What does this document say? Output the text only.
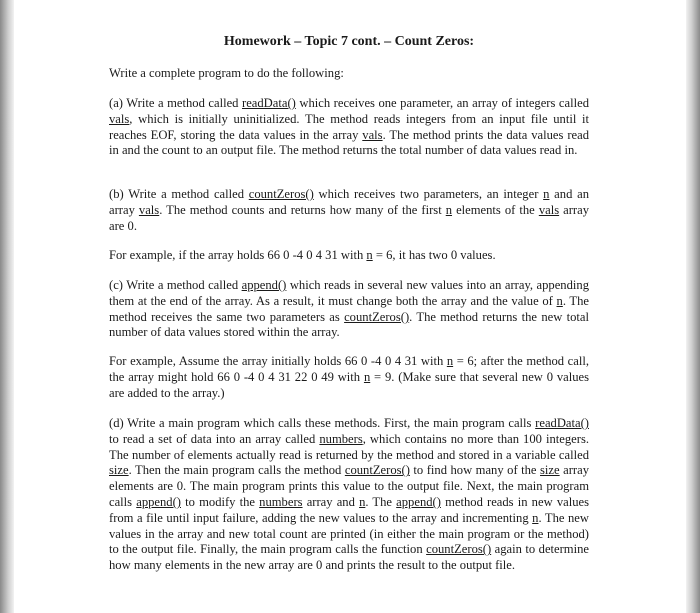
Homework – Topic 7 cont. – Count Zeros:

Write a complete program to do the following:

(a) Write a method called readData() which receives one parameter, an array of integers called vals, which is initially uninitialized. The method reads integers from an input file until it reaches EOF, storing the data values in the array vals. The method prints the data values read in and the count to an output file. The method returns the total number of data values read in.

(b) Write a method called countZeros() which receives two parameters, an integer n and an array vals. The method counts and returns how many of the first n elements of the vals array are 0.

For example, if the array holds 66 0 -4 0 4 31 with n = 6, it has two 0 values.

(c) Write a method called append() which reads in several new values into an array, appending them at the end of the array. As a result, it must change both the array and the value of n. The method receives the same two parameters as countZeros(). The method returns the new total number of data values stored within the array.

For example, Assume the array initially holds 66 0 -4 0 4 31 with n = 6; after the method call, the array might hold 66 0 -4 0 4 31 22 0 49 with n = 9. (Make sure that several new 0 values are added to the array.)

(d) Write a main program which calls these methods. First, the main program calls readData() to read a set of data into an array called numbers, which contains no more than 100 integers. The number of elements actually read is returned by the method and stored in a variable called size. Then the main program calls the method countZeros() to find how many of the size array elements are 0. The main program prints this value to the output file. Next, the main program calls append() to modify the numbers array and n. The append() method reads in new values from a file until input failure, adding the new values to the array and incrementing n. The new values in the array and new total count are printed (in either the main program or the method) to the output file. Finally, the main program calls the function countZeros() again to determine how many elements in the new array are 0 and prints the result to the output file.
